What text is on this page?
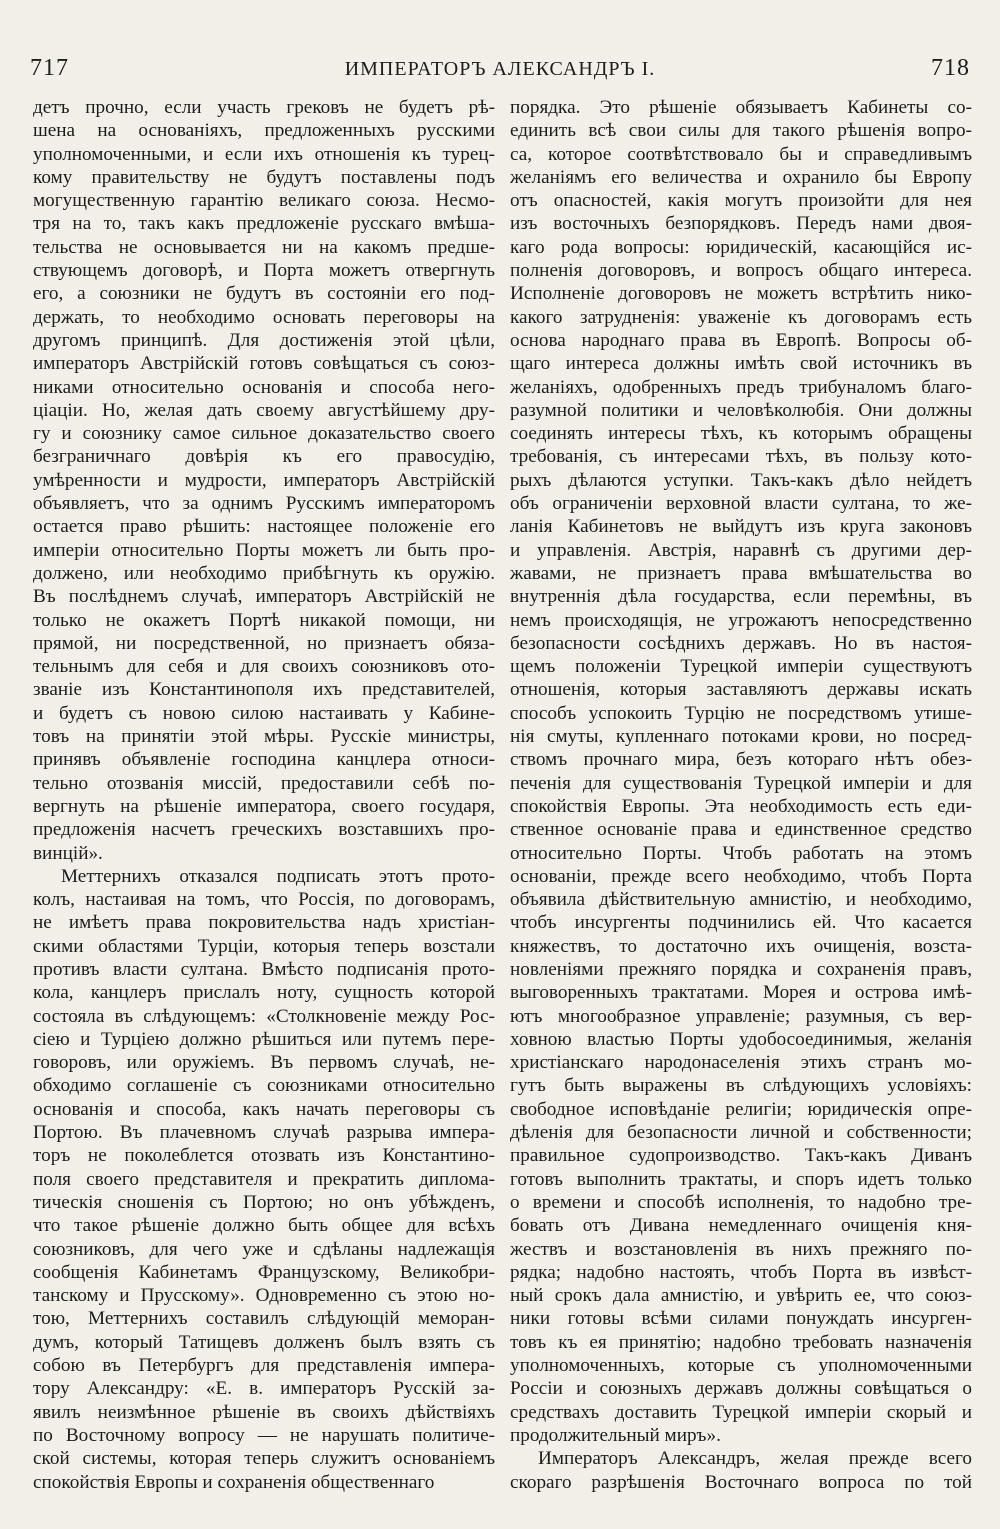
717	ИМПЕРАТОРЪ АЛЕКСАНДРЪ I.	718
детъ прочно, если участь грековъ не будетъ рѣ-
шена на основаніяхъ, предложенныхъ русскими
уполномоченными, и если ихъ отношенія къ турец-
кому правительству не будутъ поставлены подъ
могущественную гарантію великаго союза. Несмо-
тря на то, такъ какъ предложеніе русскаго вмѣша-
тельства не основывается ни на какомъ предше-
ствующемъ договорѣ, и Порта можетъ отвергнуть
его, а союзники не будутъ въ состояніи его под-
держать, то необходимо основать переговоры на
другомъ принципѣ. Для достиженія этой цѣли,
императоръ Австрійскій готовъ совѣщаться съ союз-
никами относительно основанія и способа него-
ціаціи. Но, желая дать своему августѣйшему дру-
гу и союзнику самое сильное доказательство своего
безграничнаго довѣрія къ его правосудію,
умѣренности и мудрости, императоръ Австрійскій
объявляетъ, что за однимъ Русскимъ императоромъ
остается право рѣшить: настоящее положеніе его
имперіи относительно Порты можетъ ли быть про-
должено, или необходимо прибѣгнуть къ оружію.
Въ послѣднемъ случаѣ, императоръ Австрійскій не
только не окажетъ Портѣ никакой помощи, ни
прямой, ни посредственной, но признаетъ обяза-
тельнымъ для себя и для своихъ союзниковъ ото-
званіе изъ Константинополя ихъ представителей,
и будетъ съ новою силою настаивать у Кабине-
товъ на принятіи этой мѣры. Русскіе министры,
принявъ объявленіе господина канцлера относи-
тельно отозванія миссій, предоставили себѣ по-
вергнуть на рѣшеніе императора, своего государя,
предложенія насчетъ греческихъ возставшихъ про-
винцій».
Меттернихъ отказался подписать этотъ прото-
колъ, настаивая на томъ, что Россія, по договорамъ,
не имѣетъ права покровительства надъ христіан-
скими областями Турціи, которыя теперь возстали
противъ власти султана. Вмѣсто подписанія прото-
кола, канцлеръ прислалъ ноту, сущность которой
состояла въ слѣдующемъ: «Столкновеніе между Рос-
сіею и Турціею должно рѣшиться или путемъ пере-
говоровъ, или оружіемъ. Въ первомъ случаѣ, не-
обходимо соглашеніе съ союзниками относительно
основанія и способа, какъ начать переговоры съ
Портою. Въ плачевномъ случаѣ разрыва импера-
торъ не поколеблется отозвать изъ Константино-
поля своего представителя и прекратить диплома-
тическія сношенія съ Портою; но онъ убѣжденъ,
что такое рѣшеніе должно быть общее для всѣхъ
союзниковъ, для чего уже и сдѣланы надлежащія
сообщенія Кабинетамъ Французскому, Великобри-
танскому и Прусскому». Одновременно съ этою но-
тою, Меттернихъ составилъ слѣдующій меморан-
думъ, который Татищевъ долженъ былъ взять съ
собою въ Петербургъ для представленія импера-
тору Александру: «Е. в. императоръ Русскій за-
явилъ неизмѣнное рѣшеніе въ своихъ дѣйствіяхъ
по Восточному вопросу — не нарушать политиче-
ской системы, которая теперь служитъ основаніемъ
спокойствія Европы и сохраненія общественнаго
порядка. Это рѣшеніе обязываетъ Кабинеты со-
единить всѣ свои силы для такого рѣшенія вопро-
са, которое соотвѣтствовало бы и справедливымъ
желаніямъ его величества и охранило бы Европу
отъ опасностей, какія могутъ произойти для нея
изъ восточныхъ безпорядковъ. Передъ нами двоя-
каго рода вопросы: юридическій, касающійся ис-
полненія договоровъ, и вопросъ общаго интереса.
Исполненіе договоровъ не можетъ встрѣтить нико-
какого затрудненія: уваженіе къ договорамъ есть
основа народнаго права въ Европѣ. Вопросы об-
щаго интереса должны имѣть свой источникъ въ
желаніяхъ, одобренныхъ предъ трибуналомъ благо-
разумной политики и человѣколюбія. Они должны
соединять интересы тѣхъ, къ которымъ обращены
требованія, съ интересами тѣхъ, въ пользу кото-
рыхъ дѣлаются уступки. Такъ-какъ дѣло нейдетъ
объ ограниченіи верховной власти султана, то же-
ланія Кабинетовъ не выйдутъ изъ круга законовъ
и управленія. Австрія, наравнѣ съ другими дер-
жавами, не признаетъ права вмѣшательства во
внутреннія дѣла государства, если перемѣны, въ
немъ происходящія, не угрожаютъ непосредственно
безопасности сосѣднихъ державъ. Но въ настоя-
щемъ положеніи Турецкой имперіи существуютъ
отношенія, которыя заставляютъ державы искать
способъ успокоить Турцію не посредствомъ утише-
нія смуты, купленнаго потоками крови, но посред-
ствомъ прочнаго мира, безъ котораго нѣтъ обез-
печенія для существованія Турецкой имперіи и для
спокойствія Европы. Эта необходимость есть еди-
ственное основаніе права и единственное средство
относительно Порты. Чтобъ работать на этомъ
основаніи, прежде всего необходимо, чтобъ Порта
объявила дѣйствительную амнистію, и необходимо,
чтобъ инсургенты подчинились ей. Что касается
княжествъ, то достаточно ихъ очищенія, возста-
новленіями прежняго порядка и сохраненія правъ,
выговоренныхъ трактатами. Морея и острова имѣ-
ютъ многообразное управленіе; разумныя, съ вер-
ховною властью Порты удобосоединимыя, желанія
христіанскаго народонаселенія этихъ странъ мо-
гутъ быть выражены въ слѣдующихъ условіяхъ:
свободное исповѣданіе религіи; юридическія опре-
дѣленія для безопасности личной и собственности;
правильное судопроизводство. Такъ-какъ Диванъ
готовъ выполнить трактаты, и споръ идетъ только
о времени и способѣ исполненія, то надобно тре-
бовать отъ Дивана немедленнаго очищенія кня-
жествъ и возстановленія въ нихъ прежняго по-
рядка; надобно настоять, чтобъ Порта въ извѣст-
ный срокъ дала амнистію, и увѣрить ее, что союз-
ники готовы всѣми силами понуждать инсурген-
товъ къ ея принятію; надобно требовать назначенія
уполномоченныхъ, которые съ уполномоченными
Россіи и союзныхъ державъ должны совѣщаться о
средствахъ доставить Турецкой имперіи скорый и
продолжительный миръ».
Императоръ Александръ, желая прежде всего
скораго разрѣшенія Восточнаго вопроса по той
